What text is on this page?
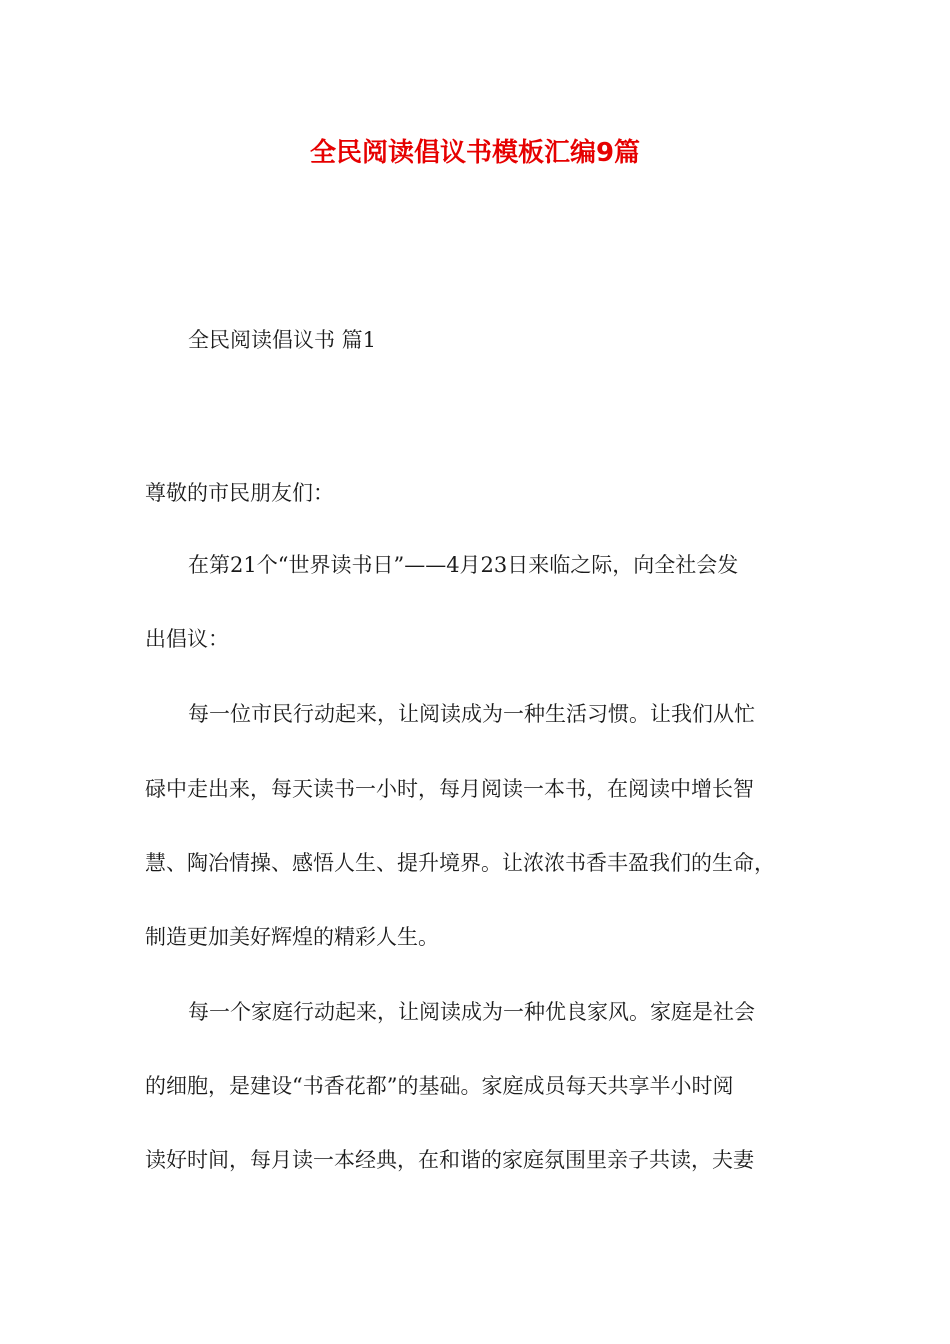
全民阅读倡议书模板汇编9篇
全民阅读倡议书 篇1
尊敬的市民朋友们：
在第21个“世界读书日”——4月23日来临之际，向全社会发
出倡议：
每一位市民行动起来，让阅读成为一种生活习惯。让我们从忙
碌中走出来，每天读书一小时，每月阅读一本书，在阅读中增长智
慧、陶冶情操、感悟人生、提升境界。让浓浓书香丰盈我们的生命，
制造更加美好辉煌的精彩人生。
每一个家庭行动起来，让阅读成为一种优良家风。家庭是社会
的细胞，是建设“书香花都”的基础。家庭成员每天共享半小时阅
读好时间，每月读一本经典，在和谐的家庭氛围里亲子共读，夫妻
